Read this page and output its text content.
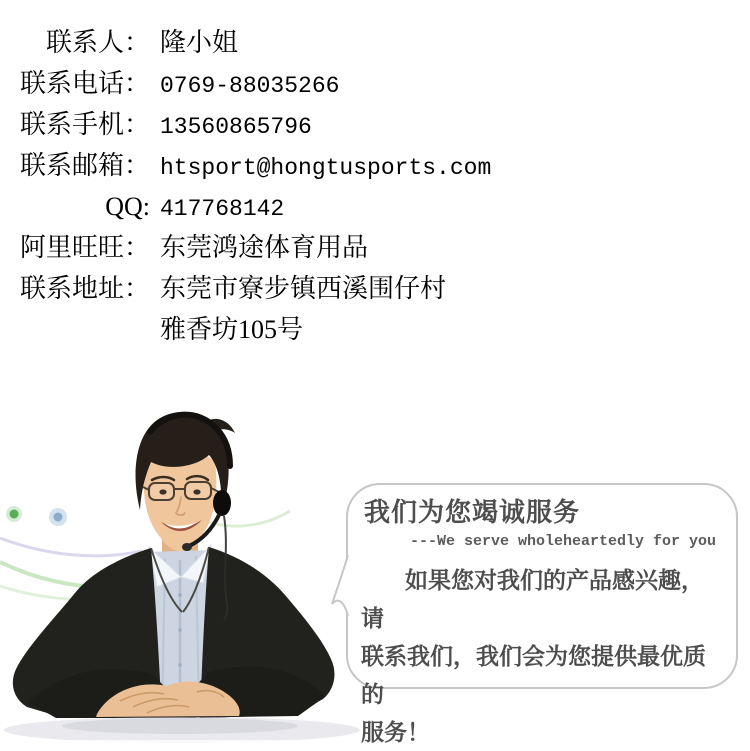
联系人： 隆小姐
联系电话： 0769-88035266
联系手机： 13560865796
联系邮箱： htsport@hongtusports.com
QQ: 417768142
阿里旺旺： 东莞鸿途体育用品
联系地址： 东莞市寮步镇西溪围仔村
雅香坊105号
我们为您竭诚服务
---We serve wholeheartedly for you
如果您对我们的产品感兴趣，请
联系我们，我们会为您提供最优质的
服务！
